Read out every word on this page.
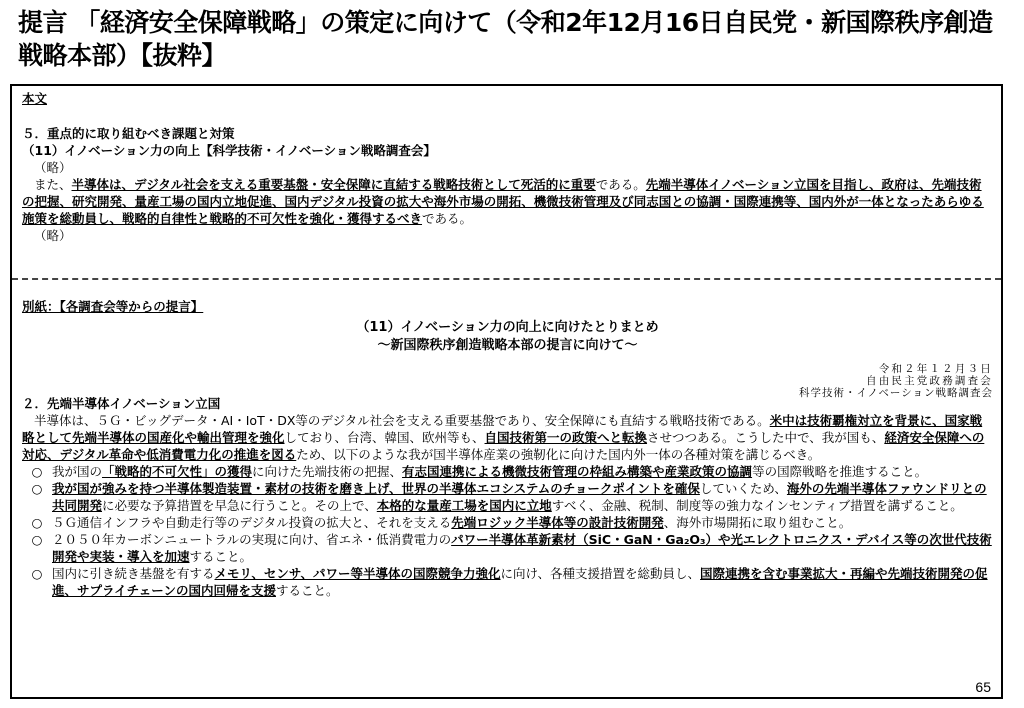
提言 「経済安全保障戦略」の策定に向けて（令和2年12月16日自民党・新国際秩序創造戦略本部）【抜粋】

本文

５．重点的に取り組むべき課題と対策

（11）イノベーション力の向上【科学技術・イノベーション戦略調査会】

（略）

また、半導体は、デジタル社会を支える重要基盤・安全保障に直結する戦略技術として死活的に重要である。先端半導体イノベーション立国を目指し、政府は、先端技術の把握、研究開発、量産工場の国内立地促進、国内デジタル投資の拡大や海外市場の開拓、機微技術管理及び同志国との協調・国際連携等、国内外が一体となったあらゆる施策を総動員し、戦略的自律性と戦略的不可欠性を強化・獲得するべきである。

（略）

別紙：【各調査会等からの提言】

（11）イノベーション力の向上に向けたとりまとめ

～新国際秩序創造戦略本部の提言に向けて～

令和２年１２月３日

自由民主党政務調査会

科学技術・イノベーション戦略調査会

２．先端半導体イノベーション立国

半導体は、５Ｇ・ビッグデータ・AI・IoT・DX等のデジタル社会を支える重要基盤であり、安全保障にも直結する戦略技術である。米中は技術覇権対立を背景に、国家戦略として先端半導体の国産化や輸出管理を強化しており、台湾、韓国、欧州等も、自国技術第一の政策へと転換させつつある。こうした中で、我が国も、経済安全保障への対応、デジタル革命や低消費電力化の推進を図るため、以下のような我が国半導体産業の強靭化に向けた国内外一体の各種対策を講じるべき。

○ 我が国の「戦略的不可欠性」の獲得に向けた先端技術の把握、有志国連携による機微技術管理の枠組み構築や産業政策の協調等の国際戦略を推進すること。
○ 我が国が強みを持つ半導体製造装置・素材の技術を磨き上げ、世界の半導体エコシステムのチョークポイントを確保していくため、海外の先端半導体ファウンドリとの共同開発に必要な予算措置を早急に行うこと。その上で、本格的な量産工場を国内に立地すべく、金融、税制、制度等の強力なインセンティブ措置を講ずること。
○ ５Ｇ通信インフラや自動走行等のデジタル投資の拡大と、それを支える先端ロジック半導体等の設計技術開発、海外市場開拓に取り組むこと。
○ ２０５０年カーボンニュートラルの実現に向け、省エネ・低消費電力のパワー半導体革新素材（SiC・GaN・Ga₂O₃）や光エレクトロニクス・デバイス等の次世代技術開発や実装・導入を加速すること。
○ 国内に引き続き基盤を有するメモリ、センサ、パワー等半導体の国際競争力強化に向け、各種支援措置を総動員し、国際連携を含む事業拡大・再編や先端技術開発の促進、サプライチェーンの国内回帰を支援すること。
65
